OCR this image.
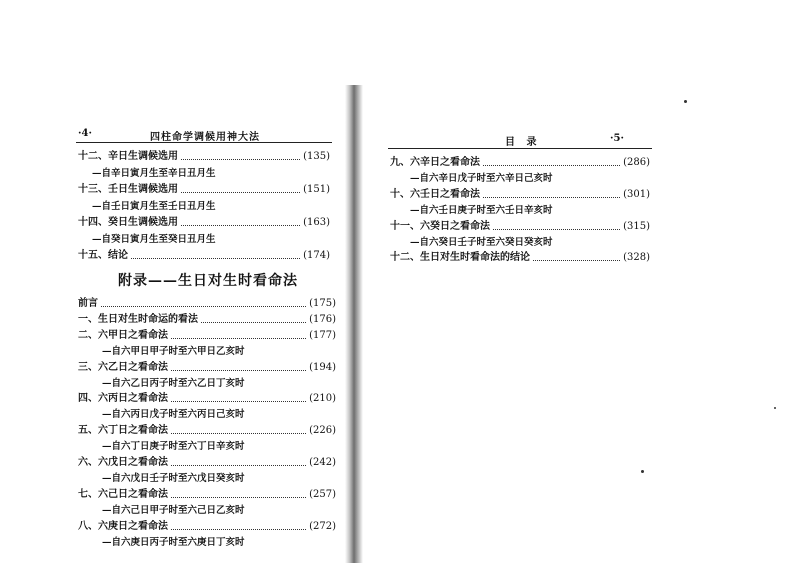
·4·	四柱命学调候用神大法
十二、辛日生调候选用	(135)
—自辛日寅月生至辛日丑月生
十三、壬日生调候选用	(151)
—自壬日寅月生至壬日丑月生
十四、癸日生调候选用	(163)
—自癸日寅月生至癸日丑月生
十五、结论	(174)
附录——生日对生时看命法
前言	(175)
一、生日对生时命运的看法	(176)
二、六甲日之看命法	(177)
—自六甲日甲子时至六甲日乙亥时
三、六乙日之看命法	(194)
—自六乙日丙子时至六乙日丁亥时
四、六丙日之看命法	(210)
—自六丙日戊子时至六丙日己亥时
五、六丁日之看命法	(226)
—自六丁日庚子时至六丁日辛亥时
六、六戊日之看命法	(242)
—自六戊日壬子时至六戊日癸亥时
七、六己日之看命法	(257)
—自六己日甲子时至六己日乙亥时
八、六庚日之看命法	(272)
—自六庚日丙子时至六庚日丁亥时
目 录	·5·
九、六辛日之看命法	(286)
—自六辛日戊子时至六辛日己亥时
十、六壬日之看命法	(301)
—自六壬日庚子时至六壬日辛亥时
十一、六癸日之看命法	(315)
—自六癸日壬子时至六癸日癸亥时
十二、生日对生时看命法的结论	(328)
